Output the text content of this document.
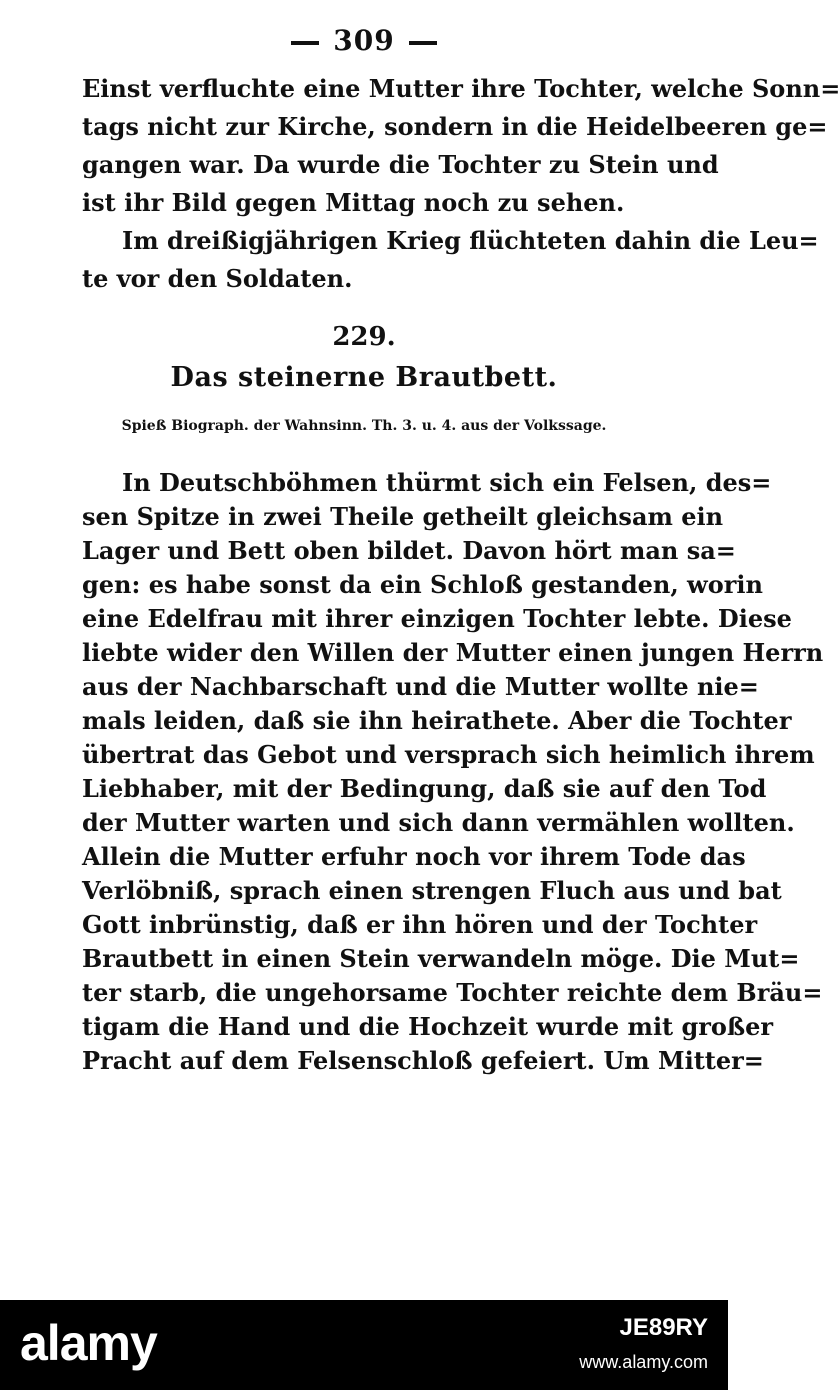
309
Einst verfluchte eine Mutter ihre Tochter, welche Sonn=
tags nicht zur Kirche, sondern in die Heidelbeeren ge=
gangen war. Da wurde die Tochter zu Stein und
ist ihr Bild gegen Mittag noch zu sehen.
Im dreißigjährigen Krieg flüchteten dahin die Leu=
te vor den Soldaten.
229.
Das steinerne Brautbett.
Spieß Biograph. der Wahnsinn. Th. 3. u. 4. aus der Volkssage.
In Deutschböhmen thürmt sich ein Felsen, des=
sen Spitze in zwei Theile getheilt gleichsam ein
Lager und Bett oben bildet. Davon hört man sa=
gen: es habe sonst da ein Schloß gestanden, worin
eine Edelfrau mit ihrer einzigen Tochter lebte. Diese
liebte wider den Willen der Mutter einen jungen Herrn
aus der Nachbarschaft und die Mutter wollte nie=
mals leiden, daß sie ihn heirathete. Aber die Tochter
übertrat das Gebot und versprach sich heimlich ihrem
Liebhaber, mit der Bedingung, daß sie auf den Tod
der Mutter warten und sich dann vermählen wollten.
Allein die Mutter erfuhr noch vor ihrem Tode das
Verlöbniß, sprach einen strengen Fluch aus und bat
Gott inbrünstig, daß er ihn hören und der Tochter
Brautbett in einen Stein verwandeln möge. Die Mut=
ter starb, die ungehorsame Tochter reichte dem Bräu=
tigam die Hand und die Hochzeit wurde mit großer
Pracht auf dem Felsenschloß gefeiert. Um Mitter=
alamy	JE89RY
www.alamy.com
